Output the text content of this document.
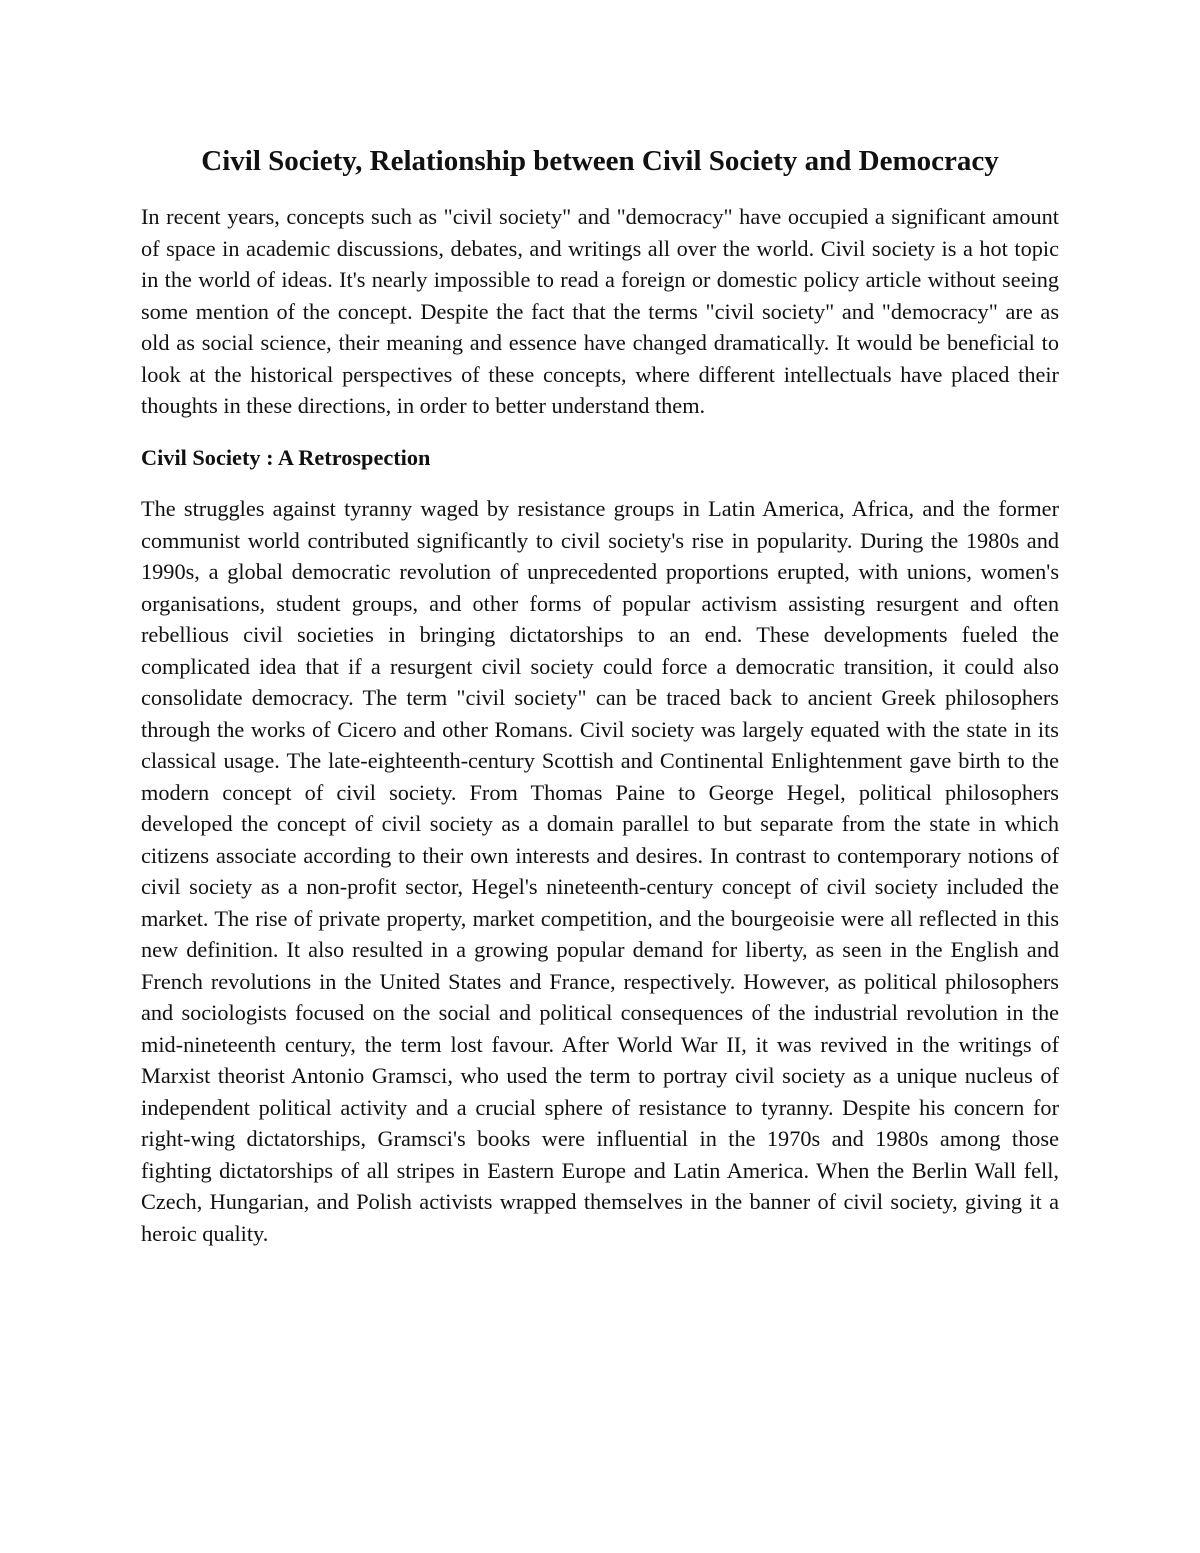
Civil Society, Relationship between Civil Society and Democracy

In recent years, concepts such as "civil society" and "democracy" have occupied a significant amount of space in academic discussions, debates, and writings all over the world. Civil society is a hot topic in the world of ideas. It's nearly impossible to read a foreign or domestic policy article without seeing some mention of the concept. Despite the fact that the terms "civil society" and "democracy" are as old as social science, their meaning and essence have changed dramatically. It would be beneficial to look at the historical perspectives of these concepts, where different intellectuals have placed their thoughts in these directions, in order to better understand them.

Civil Society : A Retrospection

The struggles against tyranny waged by resistance groups in Latin America, Africa, and the former communist world contributed significantly to civil society's rise in popularity. During the 1980s and 1990s, a global democratic revolution of unprecedented proportions erupted, with unions, women's organisations, student groups, and other forms of popular activism assisting resurgent and often rebellious civil societies in bringing dictatorships to an end. These developments fueled the complicated idea that if a resurgent civil society could force a democratic transition, it could also consolidate democracy. The term "civil society" can be traced back to ancient Greek philosophers through the works of Cicero and other Romans. Civil society was largely equated with the state in its classical usage. The late-eighteenth-century Scottish and Continental Enlightenment gave birth to the modern concept of civil society. From Thomas Paine to George Hegel, political philosophers developed the concept of civil society as a domain parallel to but separate from the state in which citizens associate according to their own interests and desires. In contrast to contemporary notions of civil society as a non-profit sector, Hegel's nineteenth-century concept of civil society included the market. The rise of private property, market competition, and the bourgeoisie were all reflected in this new definition. It also resulted in a growing popular demand for liberty, as seen in the English and French revolutions in the United States and France, respectively. However, as political philosophers and sociologists focused on the social and political consequences of the industrial revolution in the mid-nineteenth century, the term lost favour. After World War II, it was revived in the writings of Marxist theorist Antonio Gramsci, who used the term to portray civil society as a unique nucleus of independent political activity and a crucial sphere of resistance to tyranny. Despite his concern for right-wing dictatorships, Gramsci's books were influential in the 1970s and 1980s among those fighting dictatorships of all stripes in Eastern Europe and Latin America. When the Berlin Wall fell, Czech, Hungarian, and Polish activists wrapped themselves in the banner of civil society, giving it a heroic quality.
